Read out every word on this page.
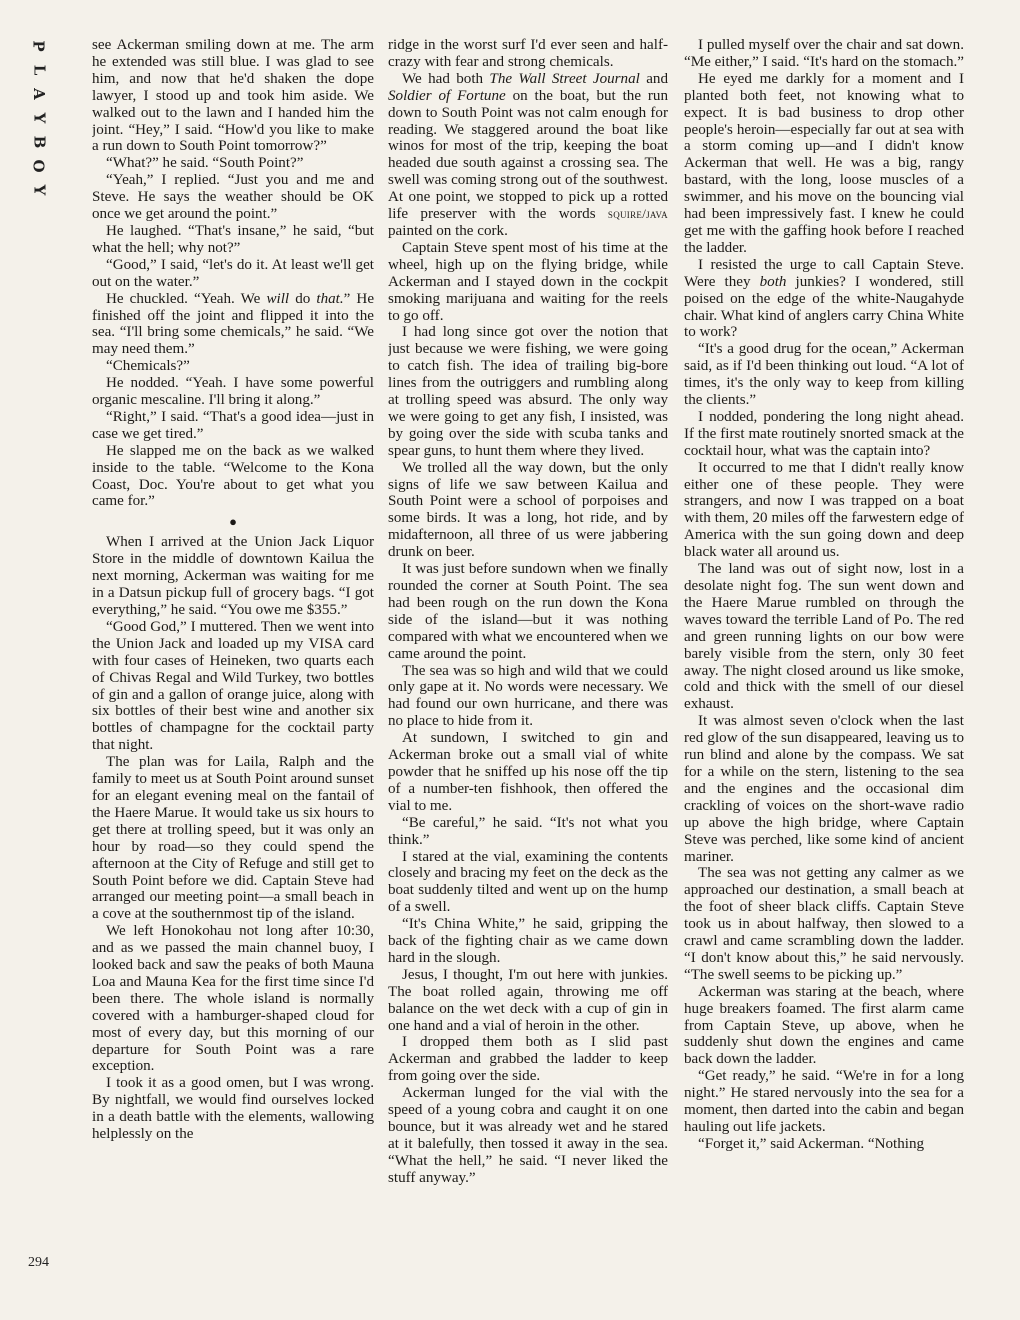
P
L
A
Y
B
O
Y
294

see Ackerman smiling down at me. The arm he extended was still blue. I was glad to see him, and now that he'd shaken the dope lawyer, I stood up and took him aside. We walked out to the lawn and I handed him the joint. “Hey,” I said. “How'd you like to make a run down to South Point tomorrow?”

“What?” he said. “South Point?”

“Yeah,” I replied. “Just you and me and Steve. He says the weather should be OK once we get around the point.”

He laughed. “That's insane,” he said, “but what the hell; why not?”

“Good,” I said, “let's do it. At least we'll get out on the water.”

He chuckled. “Yeah. We will do that.” He finished off the joint and flipped it into the sea. “I'll bring some chemicals,” he said. “We may need them.”

“Chemicals?”

He nodded. “Yeah. I have some powerful organic mescaline. I'll bring it along.”

“Right,” I said. “That's a good idea—just in case we get tired.”

He slapped me on the back as we walked inside to the table. “Welcome to the Kona Coast, Doc. You're about to get what you came for.”

●

When I arrived at the Union Jack Liquor Store in the middle of downtown Kailua the next morning, Ackerman was waiting for me in a Datsun pickup full of grocery bags. “I got everything,” he said. “You owe me $355.”

“Good God,” I muttered. Then we went into the Union Jack and loaded up my VISA card with four cases of Heineken, two quarts each of Chivas Regal and Wild Turkey, two bottles of gin and a gallon of orange juice, along with six bottles of their best wine and another six bottles of champagne for the cocktail party that night.

The plan was for Laila, Ralph and the family to meet us at South Point around sunset for an elegant evening meal on the fantail of the Haere Marue. It would take us six hours to get there at trolling speed, but it was only an hour by road—so they could spend the afternoon at the City of Refuge and still get to South Point before we did. Captain Steve had arranged our meeting point—a small beach in a cove at the southernmost tip of the island.

We left Honokohau not long after 10:30, and as we passed the main channel buoy, I looked back and saw the peaks of both Mauna Loa and Mauna Kea for the first time since I'd been there. The whole island is normally covered with a hamburger-shaped cloud for most of every day, but this morning of our departure for South Point was a rare exception.

I took it as a good omen, but I was wrong. By nightfall, we would find ourselves locked in a death battle with the elements, wallowing helplessly on the

ridge in the worst surf I'd ever seen and half-crazy with fear and strong chemicals.

We had both The Wall Street Journal and Soldier of Fortune on the boat, but the run down to South Point was not calm enough for reading. We staggered around the boat like winos for most of the trip, keeping the boat headed due south against a crossing sea. The swell was coming strong out of the southwest. At one point, we stopped to pick up a rotted life preserver with the words squire/java painted on the cork.

Captain Steve spent most of his time at the wheel, high up on the flying bridge, while Ackerman and I stayed down in the cockpit smoking marijuana and waiting for the reels to go off.

I had long since got over the notion that just because we were fishing, we were going to catch fish. The idea of trailing big-bore lines from the outriggers and rumbling along at trolling speed was absurd. The only way we were going to get any fish, I insisted, was by going over the side with scuba tanks and spear guns, to hunt them where they lived.

We trolled all the way down, but the only signs of life we saw between Kailua and South Point were a school of porpoises and some birds. It was a long, hot ride, and by midafternoon, all three of us were jabbering drunk on beer.

It was just before sundown when we finally rounded the corner at South Point. The sea had been rough on the run down the Kona side of the island—but it was nothing compared with what we encountered when we came around the point.

The sea was so high and wild that we could only gape at it. No words were necessary. We had found our own hurricane, and there was no place to hide from it.

At sundown, I switched to gin and Ackerman broke out a small vial of white powder that he sniffed up his nose off the tip of a number-ten fishhook, then offered the vial to me.

“Be careful,” he said. “It's not what you think.”

I stared at the vial, examining the contents closely and bracing my feet on the deck as the boat suddenly tilted and went up on the hump of a swell.

“It's China White,” he said, gripping the back of the fighting chair as we came down hard in the slough.

Jesus, I thought, I'm out here with junkies. The boat rolled again, throwing me off balance on the wet deck with a cup of gin in one hand and a vial of heroin in the other.

I dropped them both as I slid past Ackerman and grabbed the ladder to keep from going over the side.

Ackerman lunged for the vial with the speed of a young cobra and caught it on one bounce, but it was already wet and he stared at it balefully, then tossed it away in the sea. “What the hell,” he said. “I never liked the stuff anyway.”

I pulled myself over the chair and sat down. “Me either,” I said. “It's hard on the stomach.”

He eyed me darkly for a moment and I planted both feet, not knowing what to expect. It is bad business to drop other people's heroin—especially far out at sea with a storm coming up—and I didn't know Ackerman that well. He was a big, rangy bastard, with the long, loose muscles of a swimmer, and his move on the bouncing vial had been impressively fast. I knew he could get me with the gaffing hook before I reached the ladder.

I resisted the urge to call Captain Steve. Were they both junkies? I wondered, still poised on the edge of the white-Naugahyde chair. What kind of anglers carry China White to work?

“It's a good drug for the ocean,” Ackerman said, as if I'd been thinking out loud. “A lot of times, it's the only way to keep from killing the clients.”

I nodded, pondering the long night ahead. If the first mate routinely snorted smack at the cocktail hour, what was the captain into?

It occurred to me that I didn't really know either one of these people. They were strangers, and now I was trapped on a boat with them, 20 miles off the farwestern edge of America with the sun going down and deep black water all around us.

The land was out of sight now, lost in a desolate night fog. The sun went down and the Haere Marue rumbled on through the waves toward the terrible Land of Po. The red and green running lights on our bow were barely visible from the stern, only 30 feet away. The night closed around us like smoke, cold and thick with the smell of our diesel exhaust.

It was almost seven o'clock when the last red glow of the sun disappeared, leaving us to run blind and alone by the compass. We sat for a while on the stern, listening to the sea and the engines and the occasional dim crackling of voices on the short-wave radio up above the high bridge, where Captain Steve was perched, like some kind of ancient mariner.

The sea was not getting any calmer as we approached our destination, a small beach at the foot of sheer black cliffs. Captain Steve took us in about halfway, then slowed to a crawl and came scrambling down the ladder. “I don't know about this,” he said nervously. “The swell seems to be picking up.”

Ackerman was staring at the beach, where huge breakers foamed. The first alarm came from Captain Steve, up above, when he suddenly shut down the engines and came back down the ladder.

“Get ready,” he said. “We're in for a long night.” He stared nervously into the sea for a moment, then darted into the cabin and began hauling out life jackets.

“Forget it,” said Ackerman. “Nothing
